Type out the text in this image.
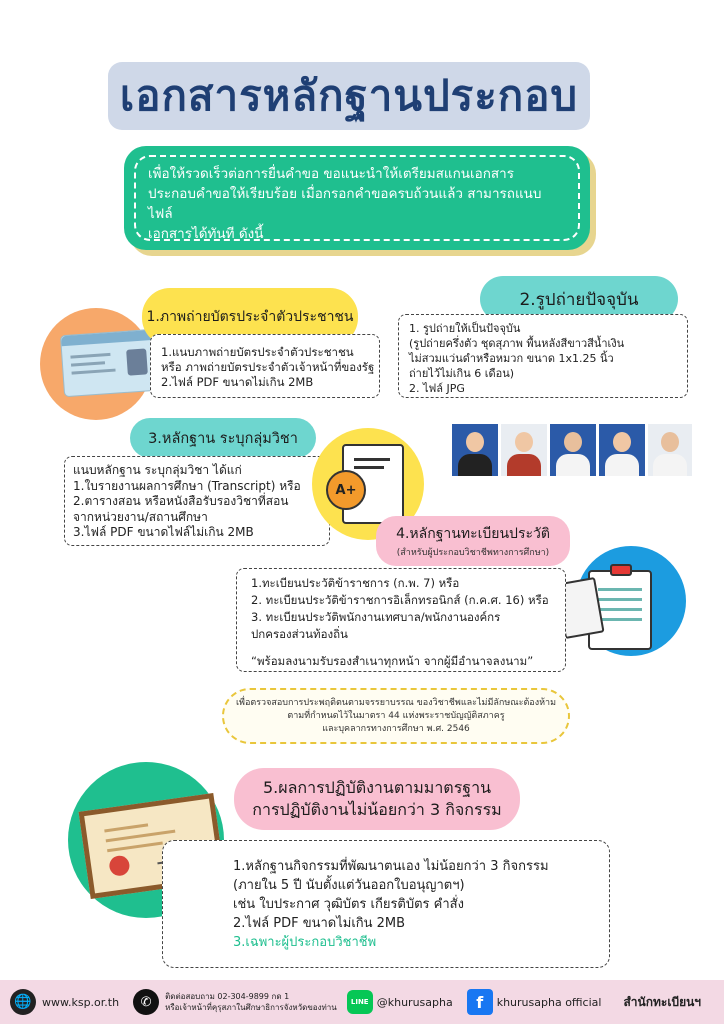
เอกสารหลักฐานประกอบ

เพื่อให้รวดเร็วต่อการยื่นคำขอ ขอแนะนำให้เตรียมสแกนเอกสาร

ประกอบคำขอให้เรียบร้อย เมื่อกรอกคำขอครบถ้วนแล้ว สามารถแนบไฟล์

เอกสารได้ทันที ดังนี้

1.ภาพถ่ายบัตรประจำตัวประชาชน

1.แนบภาพถ่ายบัตรประจำตัวประชาชน

หรือ ภาพถ่ายบัตรประจำตัวเจ้าหน้าที่ของรัฐ

2.ไฟล์ PDF ขนาดไม่เกิน 2MB

2.รูปถ่ายปัจจุบัน

1. รูปถ่ายให้เป็นปัจจุบัน

(รูปถ่ายครึ่งตัว ชุดสุภาพ พื้นหลังสีขาวสีน้ำเงิน

ไม่สวมแว่นดำหรือหมวก ขนาด 1x1.25 นิ้ว

ถ่ายไว้ไม่เกิน 6 เดือน)

2. ไฟล์ JPG

3.หลักฐาน ระบุกลุ่มวิชา

แนบหลักฐาน ระบุกลุ่มวิชา ได้แก่

1.ใบรายงานผลการศึกษา (Transcript) หรือ

2.ตารางสอน หรือหนังสือรับรองวิชาที่สอน

จากหน่วยงาน/สถานศึกษา

3.ไฟล์ PDF ขนาดไฟล์ไม่เกิน 2MB

A+
4.หลักฐานทะเบียนประวัติ
(สำหรับผู้ประกอบวิชาชีพทางการศึกษา)

1.ทะเบียนประวัติข้าราชการ (ก.พ. 7) หรือ

2. ทะเบียนประวัติข้าราชการอิเล็กทรอนิกส์ (ก.ค.ศ. 16) หรือ

3. ทะเบียนประวัติพนักงานเทศบาล/พนักงานองค์กร

ปกครองส่วนท้องถิ่น

“พร้อมลงนามรับรองสำเนาทุกหน้า จากผู้มีอำนาจลงนาม”

เพื่อตรวจสอบการประพฤติตนตามจรรยาบรรณ ของวิชาชีพและไม่มีลักษณะต้องห้าม

ตามที่กำหนดไว้ในมาตรา 44 แห่งพระราชบัญญัติสภาครู

และบุคลากรทางการศึกษา พ.ศ. 2546

5.ผลการปฏิบัติงานตามมาตรฐาน
การปฏิบัติงานไม่น้อยกว่า 3 กิจกรรม

1.หลักฐานกิจกรรมที่พัฒนาตนเอง ไม่น้อยกว่า 3 กิจกรรม

(ภายใน 5 ปี นับตั้งแต่วันออกใบอนุญาตฯ)

เช่น ใบประกาศ วุฒิบัตร เกียรติบัตร คำสั่ง

2.ไฟล์ PDF ขนาดไม่เกิน 2MB

3.เฉพาะผู้ประกอบวิชาชีพ

🌐 www.ksp.or.th	✆	ติดต่อสอบถาม 02-304-9899 กด 1
หรือเจ้าหน้าที่คุรุสภาในศึกษาธิการจังหวัดของท่าน
LINE @khurusapha	f	khurusapha official สำนักทะเบียนฯ
